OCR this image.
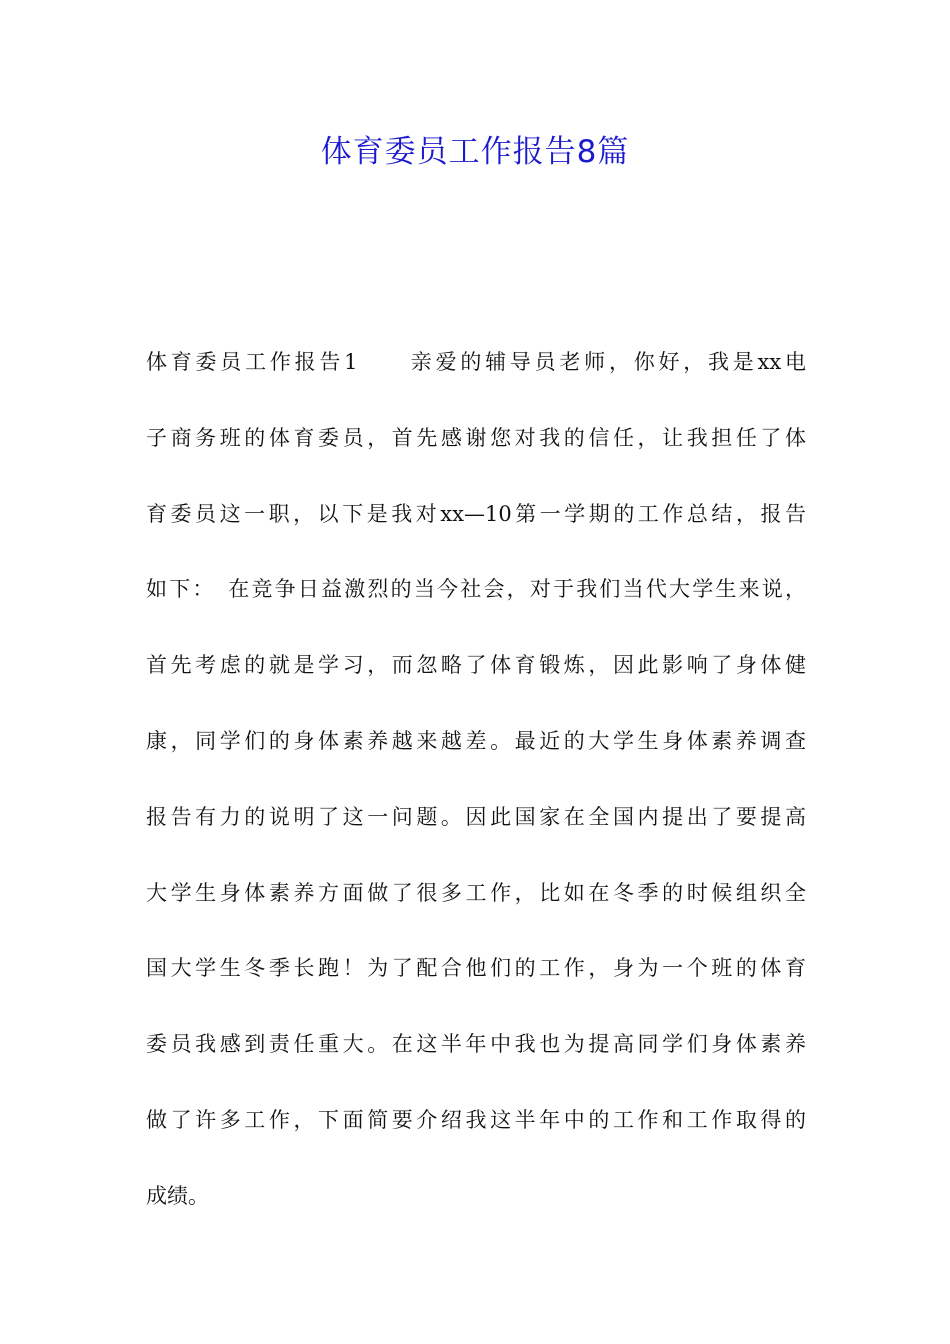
体育委员工作报告8篇
体育委员工作报告1　　亲爱的辅导员老师，你好，我是xx电
子商务班的体育委员，首先感谢您对我的信任，让我担任了体
育委员这一职，以下是我对xx—10第一学期的工作总结，报告
如下：　在竞争日益激烈的当今社会，对于我们当代大学生来说，
首先考虑的就是学习，而忽略了体育锻炼，因此影响了身体健
康，同学们的身体素养越来越差。最近的大学生身体素养调查
报告有力的说明了这一问题。因此国家在全国内提出了要提高
大学生身体素养方面做了很多工作，比如在冬季的时候组织全
国大学生冬季长跑！为了配合他们的工作，身为一个班的体育
委员我感到责任重大。在这半年中我也为提高同学们身体素养
做了许多工作，下面简要介绍我这半年中的工作和工作取得的
成绩。
